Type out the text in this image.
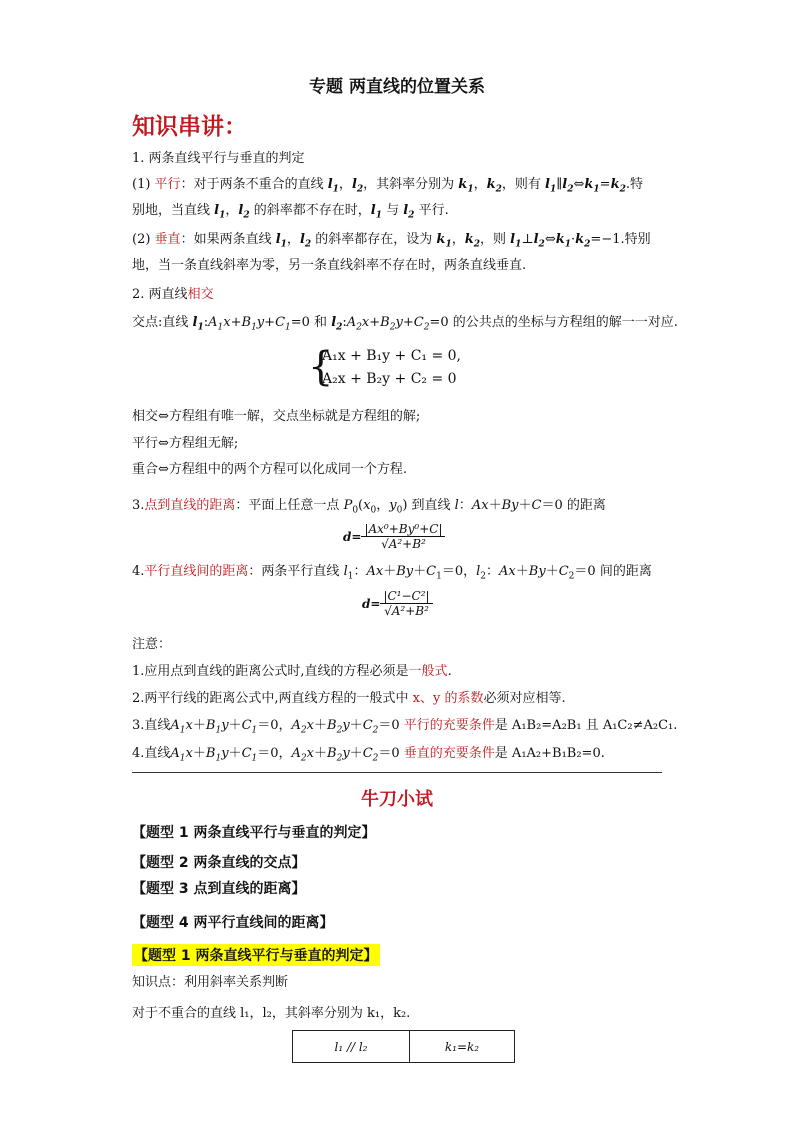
专题 两直线的位置关系
知识串讲：
1. 两条直线平行与垂直的判定
(1) 平行：对于两条不重合的直线 $l_1$，$l_2$，其斜率分别为 $k_1$，$k_2$，则有 $l_1\parallel l_2\Leftrightarrow k_1=k_2$.特
别地，当直线 $l_1$，$l_2$ 的斜率都不存在时，$l_1$ 与 $l_2$ 平行.
(2) 垂直：如果两条直线 $l_1$，$l_2$ 的斜率都存在，设为 $k_1$，$k_2$，则 $l_1\perp l_2\Leftrightarrow k_1\cdot k_2=-1$.特别
地，当一条直线斜率为零，另一条直线斜率不存在时，两条直线垂直.
2. 两直线相交
交点:直线 $l_1:A_1x+B_1y+C_1=0$ 和 $l_2:A_2x+B_2y+C_2=0$ 的公共点的坐标与方程组的解一一对应.
{
A₁x + B₁y + C₁ = 0,
A₂x + B₂y + C₂ = 0
相交⇔方程组有唯一解，交点坐标就是方程组的解;
平行⇔方程组无解;
重合⇔方程组中的两个方程可以化成同一个方程.
3.点到直线的距离：平面上任意一点 $P_0(x_0$，$y_0$) 到直线 l：Ax＋By＋C＝0 的距离
$d= \frac{\text{|Ax⁰+By⁰+C|}}{\text{√A²+B²}}$
4.平行直线间的距离：两条平行直线 $l_1$：$Ax+By+C_1=0$，$l_2$：$Ax+By+C_2=0$ 间的距离
$d= \frac{\text{|C¹−C²|}}{\text{√A²+B²}}$
注意：
1.应用点到直线的距离公式时,直线的方程必须是一般式.
2.两平行线的距离公式中,两直线方程的一般式中 x、y 的系数必须对应相等.
3.直线$A_1x+B_1y+C_1=0$，$A_2x+B_2y+C_2=0$ 平行的充要条件是 A₁B₂=A₂B₁ 且 A₁C₂≠A₂C₁.
4.直线$A_1x+B_1y+C_1=0$，$A_2x+B_2y+C_2=0$ 垂直的充要条件是 A₁A₂+B₁B₂=0.
牛刀小试
【题型 1 两条直线平行与垂直的判定】
【题型 2 两条直线的交点】
【题型 3 点到直线的距离】
【题型 4 两平行直线间的距离】
【题型 1 两条直线平行与垂直的判定】
知识点：利用斜率关系判断
对于不重合的直线 l₁，l₂，其斜率分别为 k₁，k₂.
l₁ // l₂	k₁=k₂
